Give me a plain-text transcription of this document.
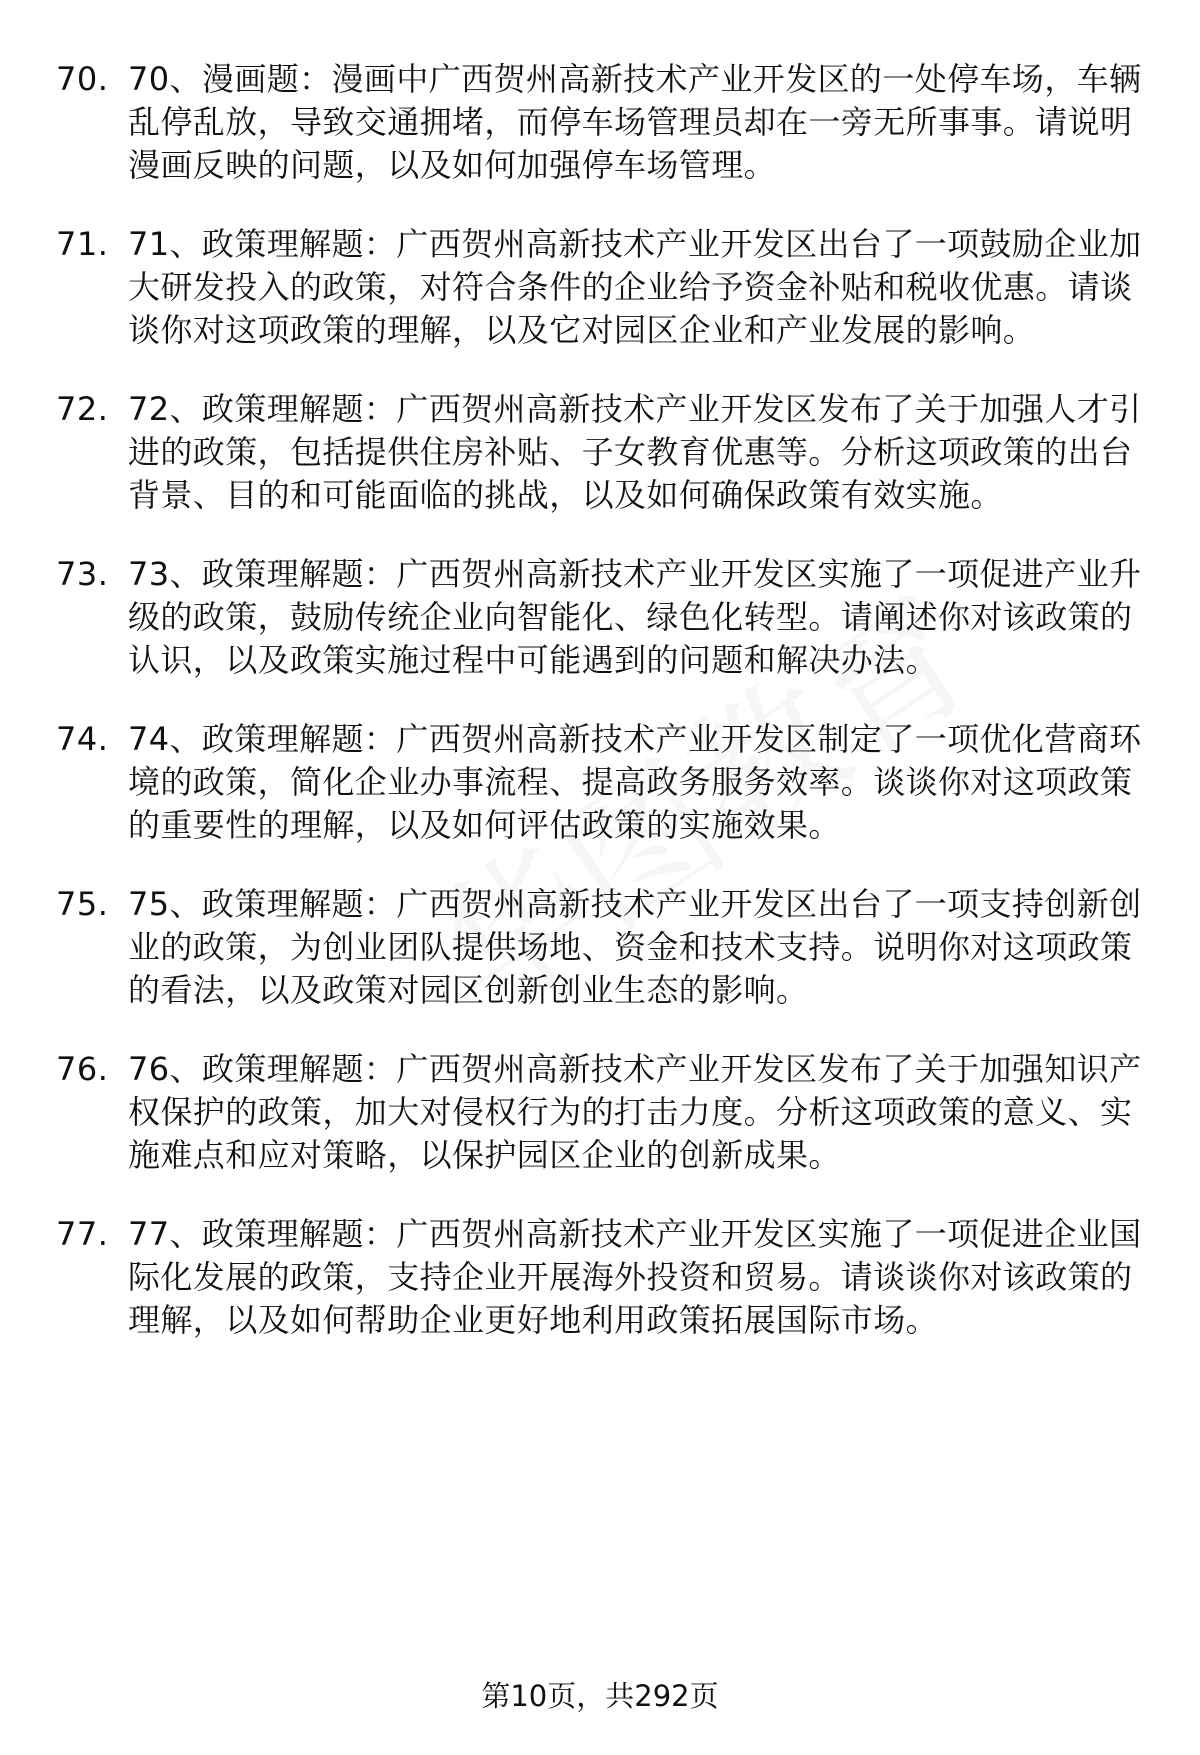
70. 70、漫画题：漫画中广西贺州高新技术产业开发区的一处停车场，车辆乱停乱放，导致交通拥堵，而停车场管理员却在一旁无所事事。请说明漫画反映的问题，以及如何加强停车场管理。
71. 71、政策理解题：广西贺州高新技术产业开发区出台了一项鼓励企业加大研发投入的政策，对符合条件的企业给予资金补贴和税收优惠。请谈谈你对这项政策的理解，以及它对园区企业和产业发展的影响。
72. 72、政策理解题：广西贺州高新技术产业开发区发布了关于加强人才引进的政策，包括提供住房补贴、子女教育优惠等。分析这项政策的出台背景、目的和可能面临的挑战，以及如何确保政策有效实施。
73. 73、政策理解题：广西贺州高新技术产业开发区实施了一项促进产业升级的政策，鼓励传统企业向智能化、绿色化转型。请阐述你对该政策的认识，以及政策实施过程中可能遇到的问题和解决办法。
74. 74、政策理解题：广西贺州高新技术产业开发区制定了一项优化营商环境的政策，简化企业办事流程、提高政务服务效率。谈谈你对这项政策的重要性的理解，以及如何评估政策的实施效果。
75. 75、政策理解题：广西贺州高新技术产业开发区出台了一项支持创新创业的政策，为创业团队提供场地、资金和技术支持。说明你对这项政策的看法，以及政策对园区创新创业生态的影响。
76. 76、政策理解题：广西贺州高新技术产业开发区发布了关于加强知识产权保护的政策，加大对侵权行为的打击力度。分析这项政策的意义、实施难点和应对策略，以保护园区企业的创新成果。
77. 77、政策理解题：广西贺州高新技术产业开发区实施了一项促进企业国际化发展的政策，支持企业开展海外投资和贸易。请谈谈你对该政策的理解，以及如何帮助企业更好地利用政策拓展国际市场。
第10页，共292页
